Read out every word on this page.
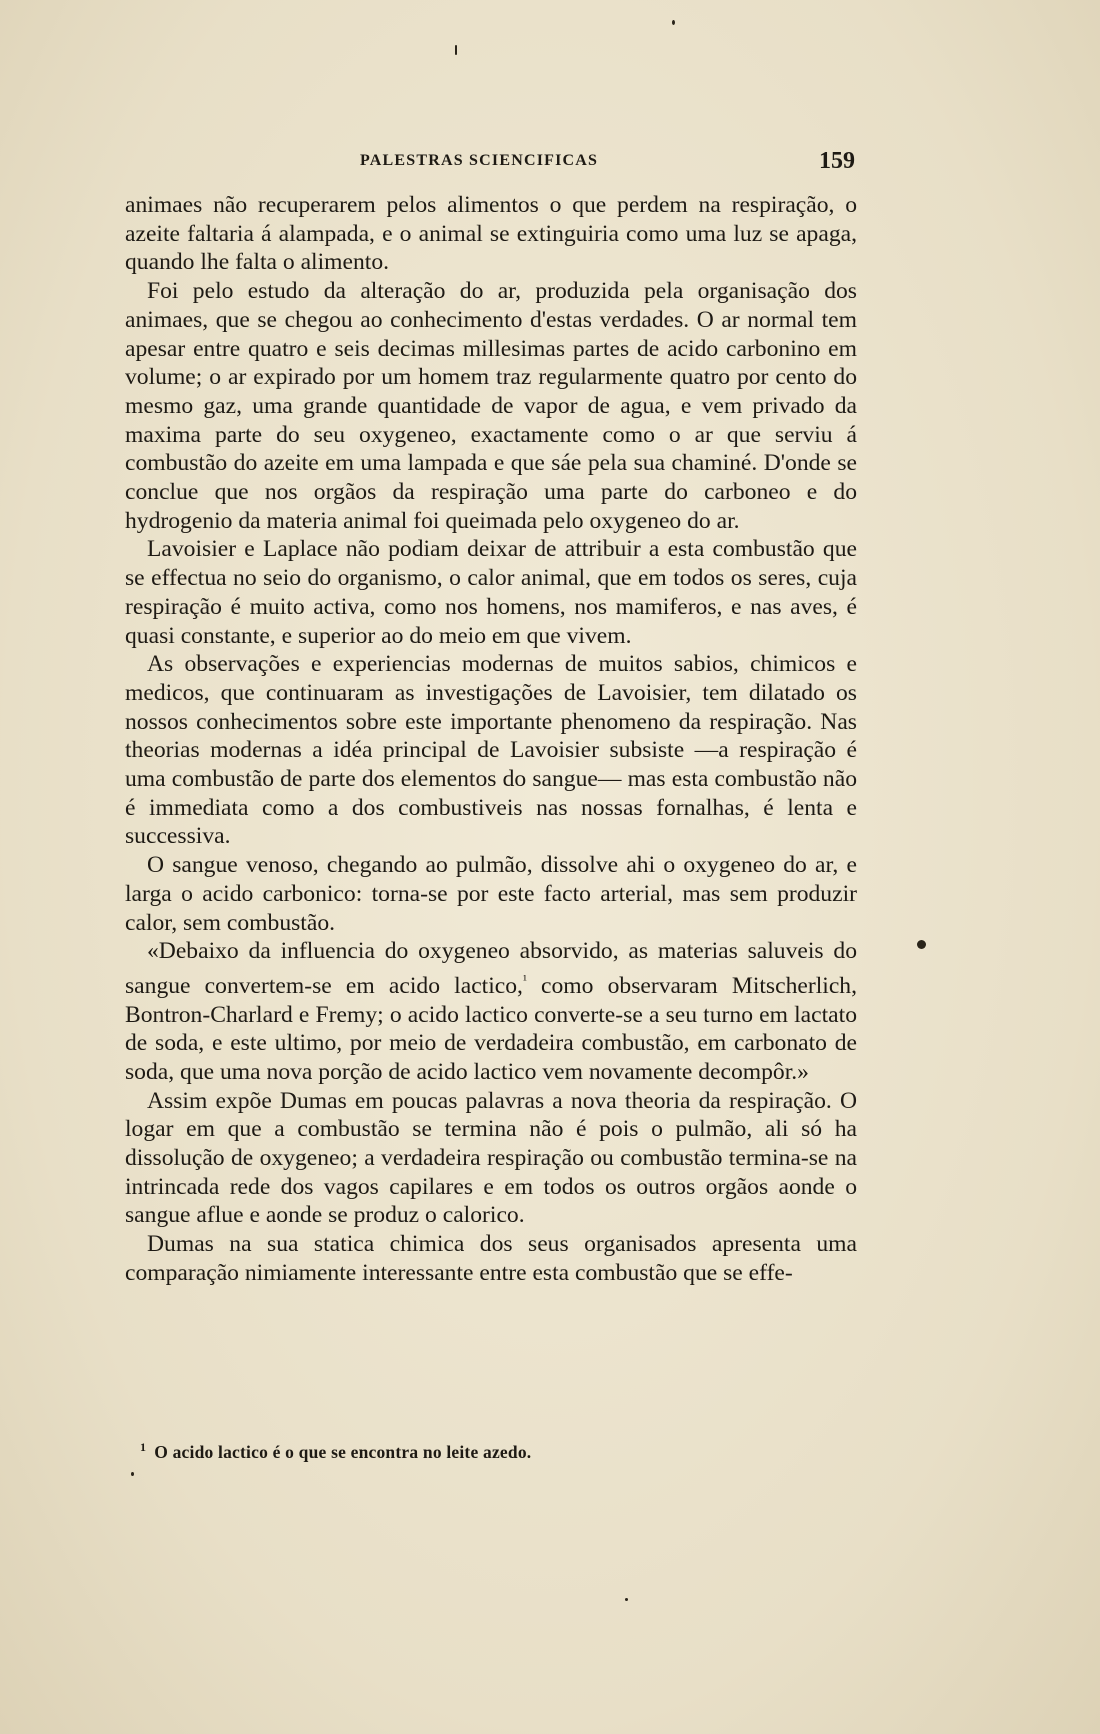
PALESTRAS SCIENCIFICAS	159

animaes não recuperarem pelos alimentos o que perdem na respiração, o azeite faltaria á alampada, e o animal se extinguiria como uma luz se apaga, quando lhe falta o alimento.

Foi pelo estudo da alteração do ar, produzida pela organisação dos animaes, que se chegou ao conhecimento d'estas verdades. O ar normal tem apesar entre quatro e seis decimas millesimas partes de acido carbonino em volume; o ar expirado por um homem traz regularmente quatro por cento do mesmo gaz, uma grande quantidade de vapor de agua, e vem privado da maxima parte do seu oxygeneo, exactamente como o ar que serviu á combustão do azeite em uma lampada e que sáe pela sua chaminé. D'onde se conclue que nos orgãos da respiração uma parte do carboneo e do hydrogenio da materia animal foi queimada pelo oxygeneo do ar.

Lavoisier e Laplace não podiam deixar de attribuir a esta combustão que se effectua no seio do organismo, o calor animal, que em todos os seres, cuja respiração é muito activa, como nos homens, nos mamiferos, e nas aves, é quasi constante, e superior ao do meio em que vivem.

As observações e experiencias modernas de muitos sabios, chimicos e medicos, que continuaram as investigações de Lavoisier, tem dilatado os nossos conhecimentos sobre este importante phenomeno da respiração. Nas theorias modernas a idéa principal de Lavoisier subsiste —a respiração é uma combustão de parte dos elementos do sangue— mas esta combustão não é immediata como a dos combustiveis nas nossas fornalhas, é lenta e successiva.

O sangue venoso, chegando ao pulmão, dissolve ahi o oxygeneo do ar, e larga o acido carbonico: torna-se por este facto arterial, mas sem produzir calor, sem combustão.

«Debaixo da influencia do oxygeneo absorvido, as materias saluveis do sangue convertem-se em acido lactico,$^{^1}$ como observaram Mitscherlich, Bontron-Charlard e Fremy; o acido lactico converte-se a seu turno em lactato de soda, e este ultimo, por meio de verdadeira combustão, em carbonato de soda, que uma nova porção de acido lactico vem novamente decompôr.»

Assim expõe Dumas em poucas palavras a nova theoria da respiração. O logar em que a combustão se termina não é pois o pulmão, ali só ha dissolução de oxygeneo; a verdadeira respiração ou combustão termina-se na intrincada rede dos vagos capilares e em todos os outros orgãos aonde o sangue aflue e aonde se produz o calorico.

Dumas na sua statica chimica dos seus organisados apresenta uma comparação nimiamente interessante entre esta combustão que se effe-

$^1$ O acido lactico é o que se encontra no leite azedo.
